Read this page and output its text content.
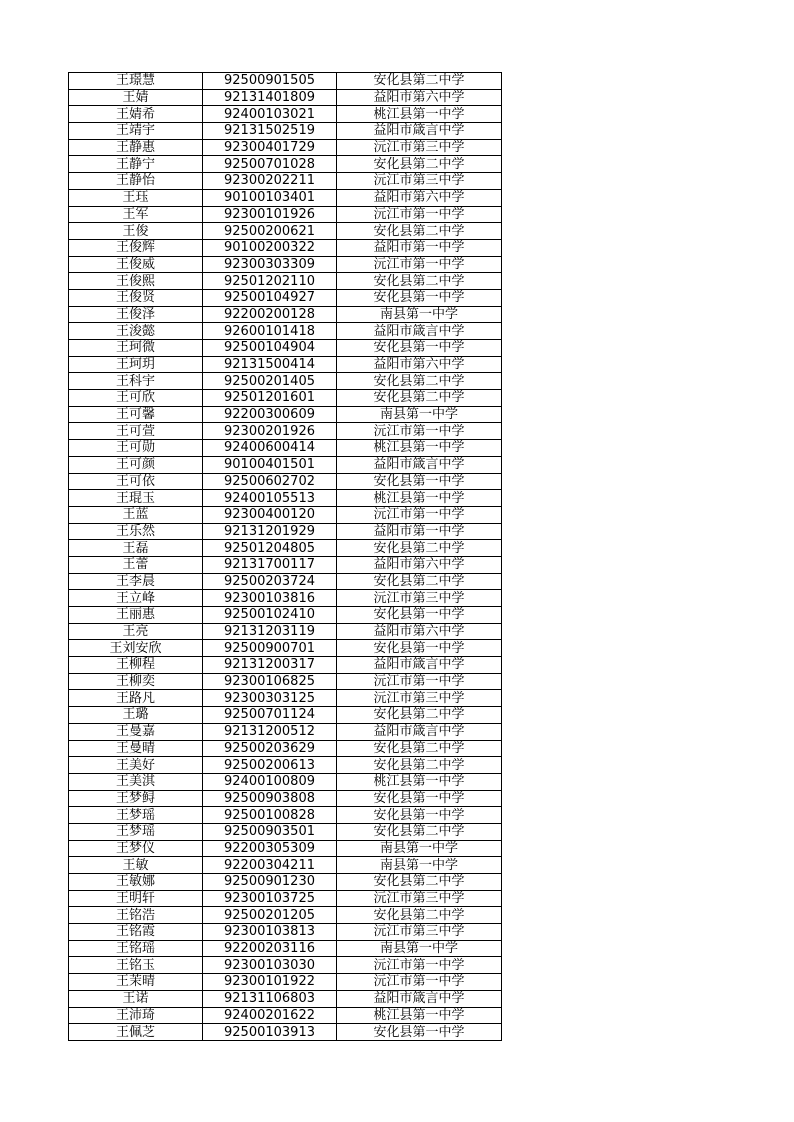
王璟慧	92500901505	安化县第二中学
王婧	92131401809	益阳市第六中学
王婧希	92400103021	桃江县第一中学
王靖宇	92131502519	益阳市箴言中学
王静惠	92300401729	沅江市第三中学
王静宁	92500701028	安化县第二中学
王静怡	92300202211	沅江市第三中学
王珏	90100103401	益阳市第六中学
王军	92300101926	沅江市第一中学
王俊	92500200621	安化县第二中学
王俊辉	90100200322	益阳市第一中学
王俊威	92300303309	沅江市第一中学
王俊熙	92501202110	安化县第二中学
王俊贤	92500104927	安化县第一中学
王俊泽	92200200128	南县第一中学
王浚懿	92600101418	益阳市箴言中学
王珂微	92500104904	安化县第一中学
王珂玥	92131500414	益阳市第六中学
王科宇	92500201405	安化县第二中学
王可欣	92501201601	安化县第二中学
王可馨	92200300609	南县第一中学
王可萱	92300201926	沅江市第一中学
王可勋	92400600414	桃江县第一中学
王可颜	90100401501	益阳市箴言中学
王可依	92500602702	安化县第一中学
王琨玉	92400105513	桃江县第一中学
王蓝	92300400120	沅江市第一中学
王乐然	92131201929	益阳市第一中学
王磊	92501204805	安化县第二中学
王蕾	92131700117	益阳市第六中学
王李晨	92500203724	安化县第二中学
王立峰	92300103816	沅江市第三中学
王丽惠	92500102410	安化县第一中学
王亮	92131203119	益阳市第六中学
王刘安欣	92500900701	安化县第一中学
王柳程	92131200317	益阳市箴言中学
王柳奕	92300106825	沅江市第一中学
王路凡	92300303125	沅江市第三中学
王璐	92500701124	安化县第二中学
王曼嘉	92131200512	益阳市箴言中学
王曼晴	92500203629	安化县第二中学
王美好	92500200613	安化县第二中学
王美淇	92400100809	桃江县第一中学
王梦鲟	92500903808	安化县第一中学
王梦瑶	92500100828	安化县第一中学
王梦瑶	92500903501	安化县第二中学
王梦仪	92200305309	南县第一中学
王敏	92200304211	南县第一中学
王敏娜	92500901230	安化县第二中学
王明轩	92300103725	沅江市第三中学
王铭浩	92500201205	安化县第二中学
王铭霞	92300103813	沅江市第三中学
王铭瑶	92200203116	南县第一中学
王铭玉	92300103030	沅江市第一中学
王茉晴	92300101922	沅江市第一中学
王诺	92131106803	益阳市箴言中学
王沛琦	92400201622	桃江县第一中学
王佩芝	92500103913	安化县第一中学
